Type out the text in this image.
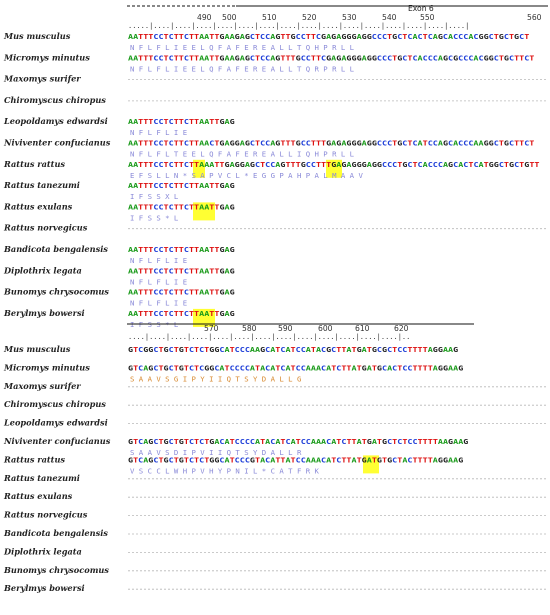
Exon 6
490 500	510	520	530	540	550	560
.....|....|....|....|....|....|....|....|....|....|....|....|....|....|....|....|
Mus musculus	AATTTCCTCTTCTTAATTGAAGAGCTCCAGTTGCCTTCGAGAGGGAGGCCCTGCTCACTCAGCACCCACGGCTGCTGCT
N F L F L I E E L Q F A F E R E A L L T Q H P R L L
Micromys minutus	AATTTCCTCTTCTTAATTGAAGAGCTCCAGTTTGCCTTCGAGAGGGAGGCCCTGCTCACCCAGCGCCCACGGCTGCTTCT
N F L F L I E E L Q F A F E R E A L L T Q R P R L L
Maxomys surifer
Chiromyscus chiropus
Leopoldamys edwardsi	AATTTCCTCTTCTTAATTGAG
N F L F L I E
Niviventer confucianus AATTTCCTCTTCTTAACTGAGGAGCTCCAGTTTGCCTTTGAGAGGGAGGCCCTGCTCATCCAGCACCCAAGGCTGCTTCT
N F L F L T E E L Q F A F E R E A L L I Q H P R L L
Rattus rattus	AATTTCCTCTTCTTAAATTGAGGAGCTCCAGTTTGCCTTTGAGAGGGAGGCCCTGCTCACCCAGCACTCATGGCTGCTGTT
E F S L L N * S A P V C L * E G G P A H P A L M A A V
Rattus tanezumi	AATTTCCTCTTCTTAATTGAG
I F S S X L
Rattus exulans	AATTTCCTCTTCTTAATTGAG
I F S S * L
Rattus norvegicus
Bandicota bengalensis	AATTTCCTCTTCTTAATTGAG
N F L F L I E
Diplothrix legata	AATTTCCTCTTCTTAATTGAG
N F L F L I E
Bunomys chrysocomus	AATTTCCTCTTCTTAATTGAG
N F L F L I E
Berylmys bowersi	AATTTCCTCTTCTTAATTGAG
I F S S * L	570	580	590	600	610	620
....|....|....|....|....|....|....|....|....|....|....|....|....|..
Mus musculus	GTCGGCTGCTGTCTCTGGCATCCCAAGCATCATCCATACGCTTATGATGCGCTCCTTTTAGGAAG
Micromys minutus	GTCAGCTGCTGTCTCGGCATCCCCATACATCATCCAAACATCTTATGATGCACTCCTTTTAGGAAG
S A A V S G I P Y I I Q T S Y D A L L G
Maxomys surifer
Chiromyscus chiropus
Leopoldamys edwardsi
Niviventer confucianus GTCAGCTGCTGTCTCTGACATCCCCATACATCATCCAAACATCTTATGATGCTCTCCTTTTAAGAAG
S A A V S D I P V I I Q T S Y D A L L R
Rattus rattus	GTCAGCTGCTGTCTCTGGCATCCCGTACATTATCCAAACATCTTATGATGTGCTACTTTTAGGAAG
V S C C L W H P V H Y P N I L * C A T F R K
Rattus tanezumi
Rattus exulans
Rattus norvegicus
Bandicota bengalensis
Diplothrix legata
Bunomys chrysocomus
Berylmys bowersi
